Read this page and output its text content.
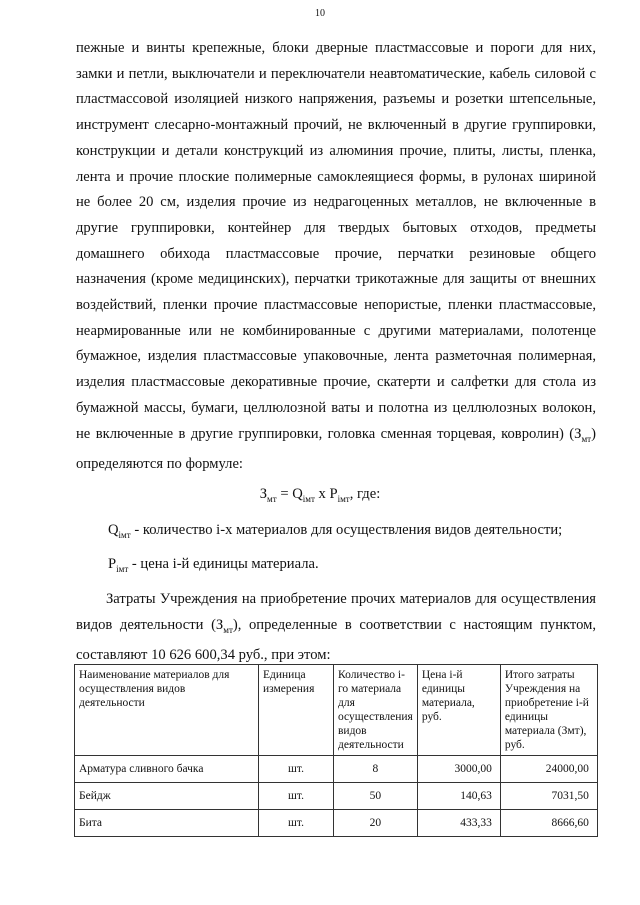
10

пежные и винты крепежные, блоки дверные пластмассовые и пороги для них, замки и петли, выключатели и переключатели неавтоматические, кабель силовой с пластмассовой изоляцией низкого напряжения, разъемы и розетки штепсельные, инструмент слесарно-монтажный прочий, не включенный в другие группировки, конструкции и детали конструкций из алюминия прочие, плиты, листы, пленка, лента и прочие плоские полимерные самоклеящиеся формы, в рулонах шириной не более 20 см, изделия прочие из недрагоценных металлов, не включенные в другие группировки, контейнер для твердых бытовых отходов, предметы домашнего обихода пластмассовые прочие, перчатки резиновые общего назначения (кроме медицинских), перчатки трикотажные для защиты от внешних воздействий, пленки прочие пластмассовые непористые, пленки пластмассовые, неармированные или не комбинированные с другими материалами, полотенце бумажное, изделия пластмассовые упаковочные, лента разметочная полимерная, изделия пластмассовые декоративные прочие, скатерти и салфетки для стола из бумажной массы, бумаги, целлюлозной ваты и полотна из целлюлозных волокон, не включенные в другие группировки, головка сменная торцевая, ковролин) $(З_{мт})$ определяются по формуле:

$З_{мт} = Q_{iмт}$ x $P_{iмт}$, где:
$Q_{iмт}$ - количество i-х материалов для осуществления видов деятельности;
$P_{iмт}$ - цена i-й единицы материала.

Затраты Учреждения на приобретение прочих материалов для осуществления видов деятельности $(З_{мт})$, определенные в соответствии с настоящим пунктом, составляют 10 626 600,34 руб., при этом:

Наименование материалов для осуществления видов деятельности	Единица измерения	Количество i-го материала для осуществления видов деятельности	Цена i-й единицы материала, руб.	Итого затраты Учреждения на приобретение i-й единицы материала (Змт), руб.
Арматура сливного бачка	шт.	8	3000,00	24000,00
Бейдж	шт.	50	140,63	7031,50
Бита	шт.	20	433,33	8666,60
